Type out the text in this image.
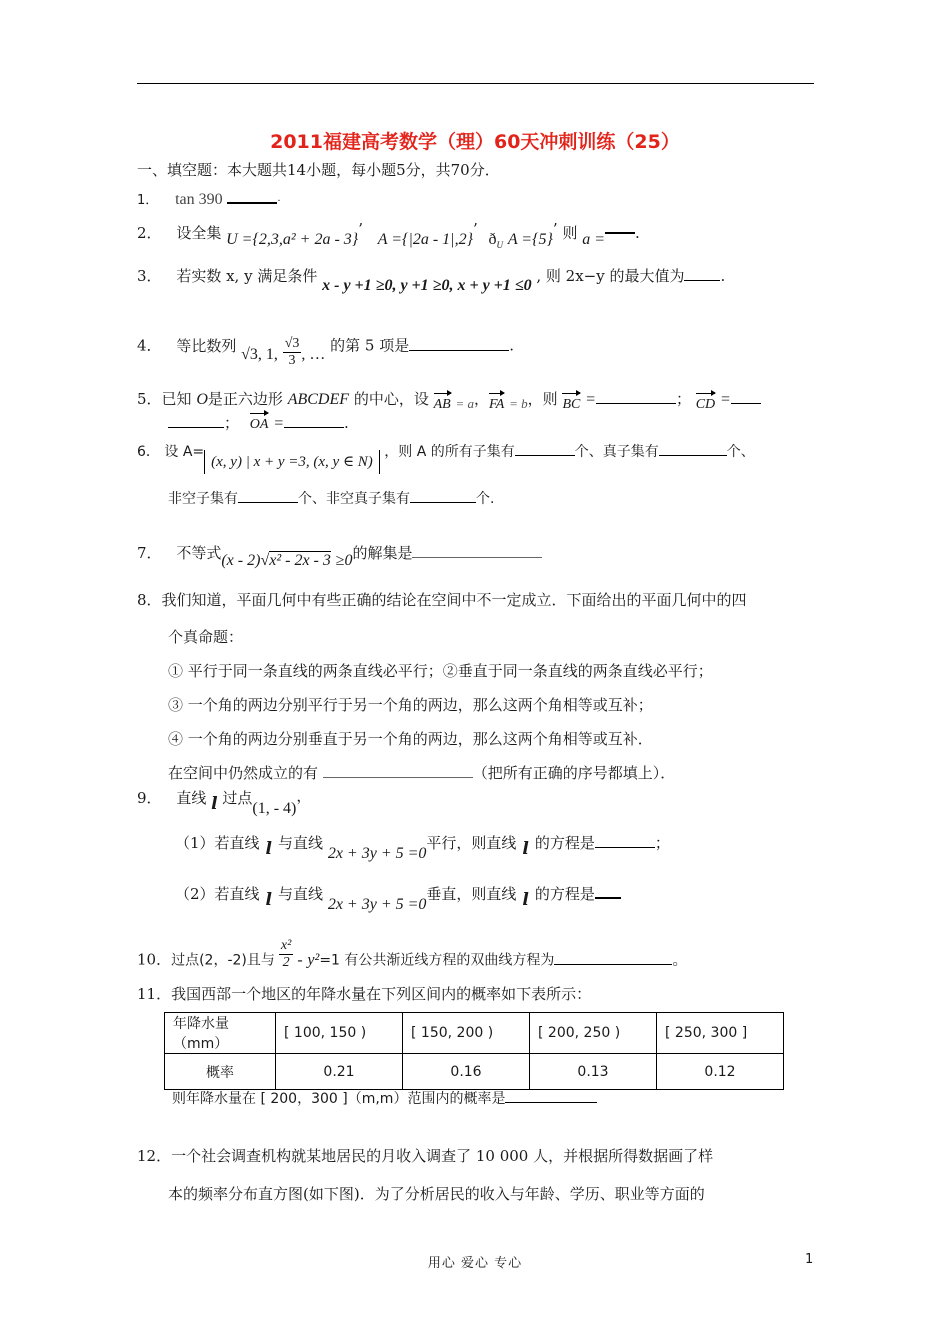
2011福建高考数学（理）60天冲刺训练（25）
一、填空题：本大题共14小题，每小题5分，共70分．
1． tan 390	·
2． 设全集 U ={2,3,a² + 2a - 3}’ A ={|2a - 1|,2}’ $ð_U$ A ={5}’ 则 a = .
3． 若实数 x, y 满足条件 x - y +1 ≥0, y +1 ≥0, x + y +1 ≤0 , 则 2x−y 的最大值为 .
4． 等比数列 √3, 1, $\frac{√3}{3}$ , … 的第 5 项是	.
5．已知 O是正六边形 ABCDEF 的中心，设 AB = a，FA = b，则 BC =	； CD =
； OA =	.
6． 设 A=(x, y) | x + y =3, (x, y ∈ N) ，则 A 的所有子集有	个、真子集有	个、
非空子集有	个、非空真子集有	个.
7． 不等式(x - 2)√x² - 2x - 3 ≥0的解集是
8．我们知道，平面几何中有些正确的结论在空间中不一定成立．下面给出的平面几何中的四
个真命题：
① 平行于同一条直线的两条直线必平行；②垂直于同一条直线的两条直线必平行；
③ 一个角的两边分别平行于另一个角的两边，那么这两个角相等或互补；
④ 一个角的两边分别垂直于另一个角的两边，那么这两个角相等或互补．
在空间中仍然成立的有	（把所有正确的序号都填上）．
9． 直线 l 过点(1, - 4)，
（1）若直线 l 与直线 2x + 3y + 5 =0平行，则直线 l 的方程是	；
（2）若直线 l 与直线 2x + 3y + 5 =0垂直，则直线 l 的方程是
10．过点(2，-2)且与 $\frac{\text{x²}}{2} - y^2=1$ 有公共渐近线方程的双曲线方程为	。
11．我国西部一个地区的年降水量在下列区间内的概率如下表所示：
年降水量（mm）	[ 100, 150 )	[ 150, 200 )	[ 200, 250 )	[ 250, 300 ]
概率	0.21	0.16	0.13	0.12
则年降水量在 [ 200，300 ]（m,m）范围内的概率是
12．一个社会调查机构就某地居民的月收入调查了 10 000 人，并根据所得数据画了样
本的频率分布直方图(如下图)．为了分析居民的收入与年龄、学历、职业等方面的
用心 爱心 专心	1
